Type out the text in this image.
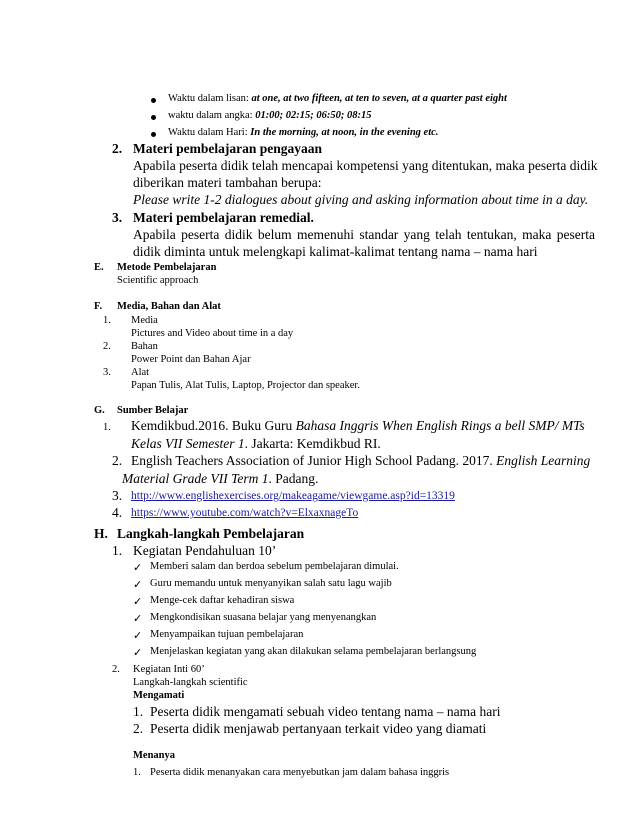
Waktu dalam lisan: at one, at two fifteen, at ten to seven, at a quarter past eight
waktu dalam angka: 01:00; 02:15; 06:50; 08:15
Waktu dalam Hari: In the morning, at noon, in the evening etc.
2. Materi pembelajaran pengayaan
Apabila peserta didik telah mencapai kompetensi yang ditentukan, maka peserta didik
diberikan materi tambahan berupa:
Please write 1-2 dialogues about giving and asking information about time in a day.
3. Materi pembelajaran remedial.
Apabila peserta didik belum memenuhi standar yang telah tentukan, maka peserta
didik diminta untuk melengkapi kalimat-kalimat tentang nama – nama hari
E. Metode Pembelajaran
Scientific approach
F. Media, Bahan dan Alat
1. Media
Pictures and Video about time in a day
2. Bahan
Power Point dan Bahan Ajar
3. Alat
Papan Tulis, Alat Tulis, Laptop, Projector dan speaker.
G. Sumber Belajar
1. Kemdikbud.2016. Buku Guru Bahasa Inggris When English Rings a bell SMP/ MTs
Kelas VII Semester 1. Jakarta: Kemdikbud RI.
2. English Teachers Association of Junior High School Padang. 2017. English Learning
Material Grade VII Term 1. Padang.
3. http://www.englishexercises.org/makeagame/viewgame.asp?id=13319
4. https://www.youtube.com/watch?v=ElxaxnageTo
H. Langkah-langkah Pembelajaran
1. Kegiatan Pendahuluan 10’
✓ Memberi salam dan berdoa sebelum pembelajaran dimulai.
✓ Guru memandu untuk menyanyikan salah satu lagu wajib
✓ Menge-cek daftar kehadiran siswa
✓ Mengkondisikan suasana belajar yang menyenangkan
✓ Menyampaikan tujuan pembelajaran
✓ Menjelaskan kegiatan yang akan dilakukan selama pembelajaran berlangsung
2. Kegiatan Inti 60’
Langkah-langkah scientific
Mengamati
1. Peserta didik mengamati sebuah video tentang nama – nama hari
2. Peserta didik menjawab pertanyaan terkait video yang diamati
Menanya
1. Peserta didik menanyakan cara menyebutkan jam dalam bahasa inggris
